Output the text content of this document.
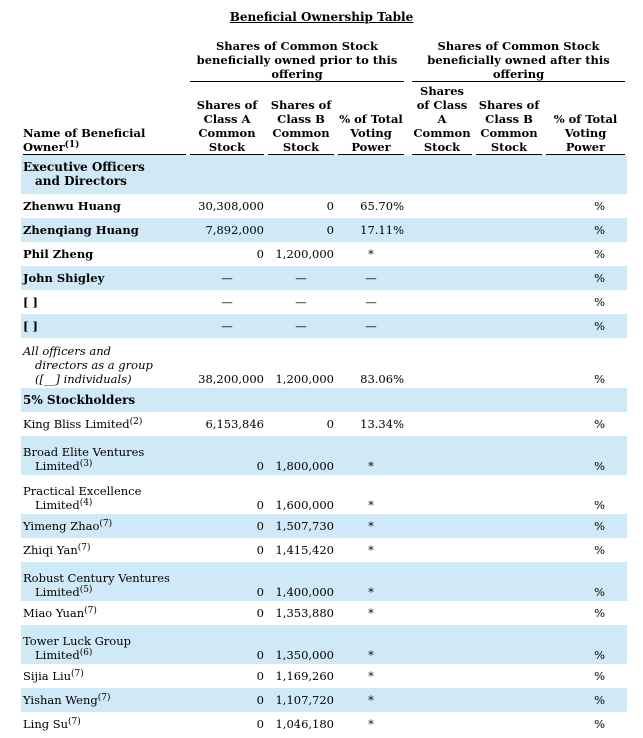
Beneficial Ownership Table

	Shares of Common Stock beneficially owned prior to this offering				Shares of Common Stock beneficially owned after this offering		

Name of Beneficial Owner$^{(1)}$	Shares of Class A Common Stock	Shares of Class B Common Stock	% of Total Voting Power		Shares of Class A Common Stock	Shares of Class B Common Stock	% of Total Voting Power

Executive Officers
and Directors							
Zhenwu Huang	30,308,000	0	65.70%				%
Zhenqiang Huang	7,892,000	0	17.11%				%
Phil Zheng	0	1,200,000	*				%
John Shigley	—	—	—				%
[ ]	—	—	—				%
[ ]	—	—	—				%
All officers and
directors as a group
([__] individuals)	38,200,000	1,200,000	83.06%				%
5% Stockholders							
King Bliss Limited$^{(2)}$	6,153,846	0	13.34%				%
Broad Elite Ventures
Limited$^{(3)}$	0	1,800,000	*				%
Practical Excellence
Limited$^{(4)}$	0	1,600,000	*				%
Yimeng Zhao$^{(7)}$	0	1,507,730	*				%
Zhiqi Yan$^{(7)}$	0	1,415,420	*				%
Robust Century Ventures
Limited$^{(5)}$	0	1,400,000	*				%
Miao Yuan$^{(7)}$	0	1,353,880	*				%
Tower Luck Group
Limited$^{(6)}$	0	1,350,000	*				%
Sijia Liu$^{(7)}$	0	1,169,260	*				%
Yishan Weng$^{(7)}$	0	1,107,720	*				%
Ling Su$^{(7)}$	0	1,046,180	*				%
